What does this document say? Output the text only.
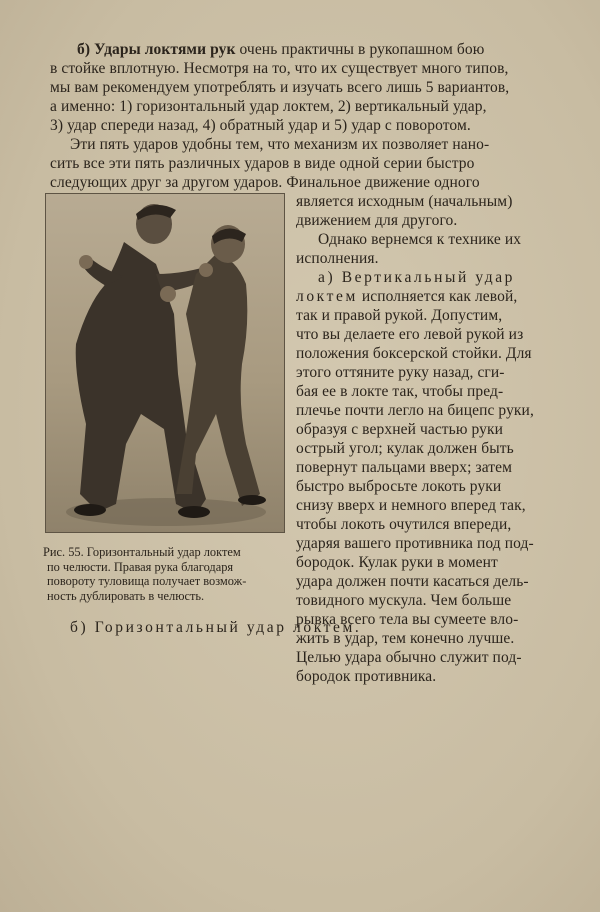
б) Удары локтями рук очень практичны в рукопашном бою
в стойке вплотную. Несмотря на то, что их существует много типов,
мы вам рекомендуем употреблять и изучать всего лишь 5 вариантов,
а именно: 1) горизонтальный удар локтем, 2) вертикальный удар,
3) удар спереди назад, 4) обратный удар и 5) удар с поворотом.
Эти пять ударов удобны тем, что механизм их позволяет нано-
сить все эти пять различных ударов в виде одной серии быстро
следующих друг за другом ударов. Финальное движение одного
Рис. 55. Горизонтальный удар локтем
по челюсти. Правая рука благодаря
повороту туловища получает возмож-
ность дублировать в челюсть.
является исходным (начальным)
движением для другого.
Однако вернемся к технике их
исполнения.
а) Вертикальный удар
локтем исполняется как левой,
так и правой рукой. Допустим,
что вы делаете его левой рукой из
положения боксерской стойки. Для
этого оттяните руку назад, сги-
бая ее в локте так, чтобы пред-
плечье почти легло на бицепс руки,
образуя с верхней частью руки
острый угол; кулак должен быть
повернут пальцами вверх; затем
быстро выбросьте локоть руки
снизу вверх и немного вперед так,
чтобы локоть очутился впереди,
ударяя вашего противника под под-
бородок. Кулак руки в момент
удара должен почти касаться дель-
товидного мускула. Чем больше
рывка всего тела вы сумеете вло-
жить в удар, тем конечно лучше.
Целью удара обычно служит под-
бородок противника.
б) Горизонтальный удар локтем.
